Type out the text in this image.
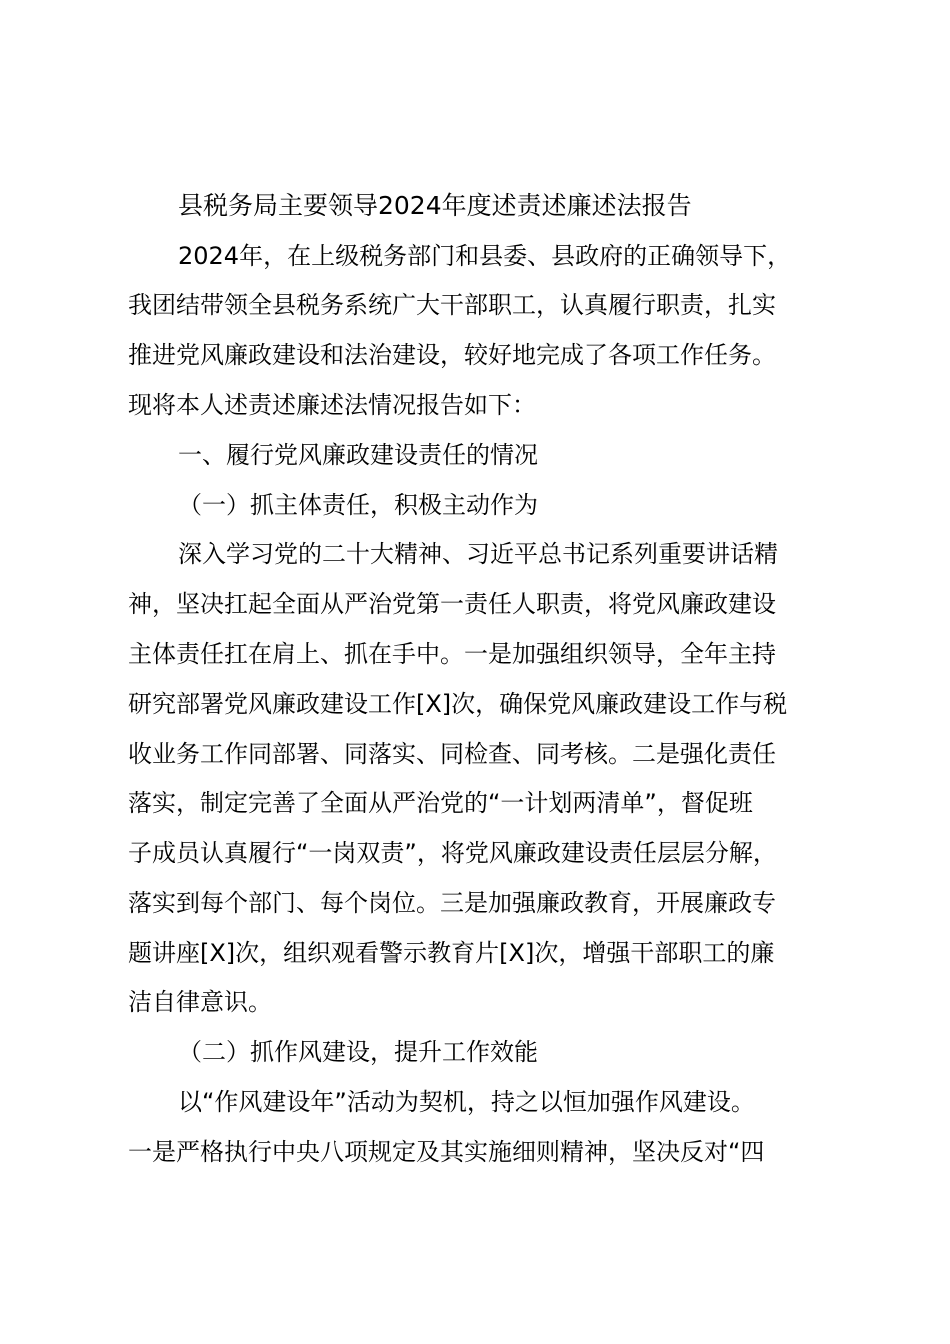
县税务局主要领导2024年度述责述廉述法报告
2024年，在上级税务部门和县委、县政府的正确领导下，
我团结带领全县税务系统广大干部职工，认真履行职责，扎实
推进党风廉政建设和法治建设，较好地完成了各项工作任务。
现将本人述责述廉述法情况报告如下：
一、履行党风廉政建设责任的情况
（一）抓主体责任，积极主动作为
深入学习党的二十大精神、习近平总书记系列重要讲话精
神，坚决扛起全面从严治党第一责任人职责，将党风廉政建设
主体责任扛在肩上、抓在手中。一是加强组织领导，全年主持
研究部署党风廉政建设工作[X]次，确保党风廉政建设工作与税
收业务工作同部署、同落实、同检查、同考核。二是强化责任
落实，制定完善了全面从严治党的“一计划两清单”，督促班
子成员认真履行“一岗双责”，将党风廉政建设责任层层分解，
落实到每个部门、每个岗位。三是加强廉政教育，开展廉政专
题讲座[X]次，组织观看警示教育片[X]次，增强干部职工的廉
洁自律意识。
（二）抓作风建设，提升工作效能
以“作风建设年”活动为契机，持之以恒加强作风建设。
一是严格执行中央八项规定及其实施细则精神，坚决反对“四
